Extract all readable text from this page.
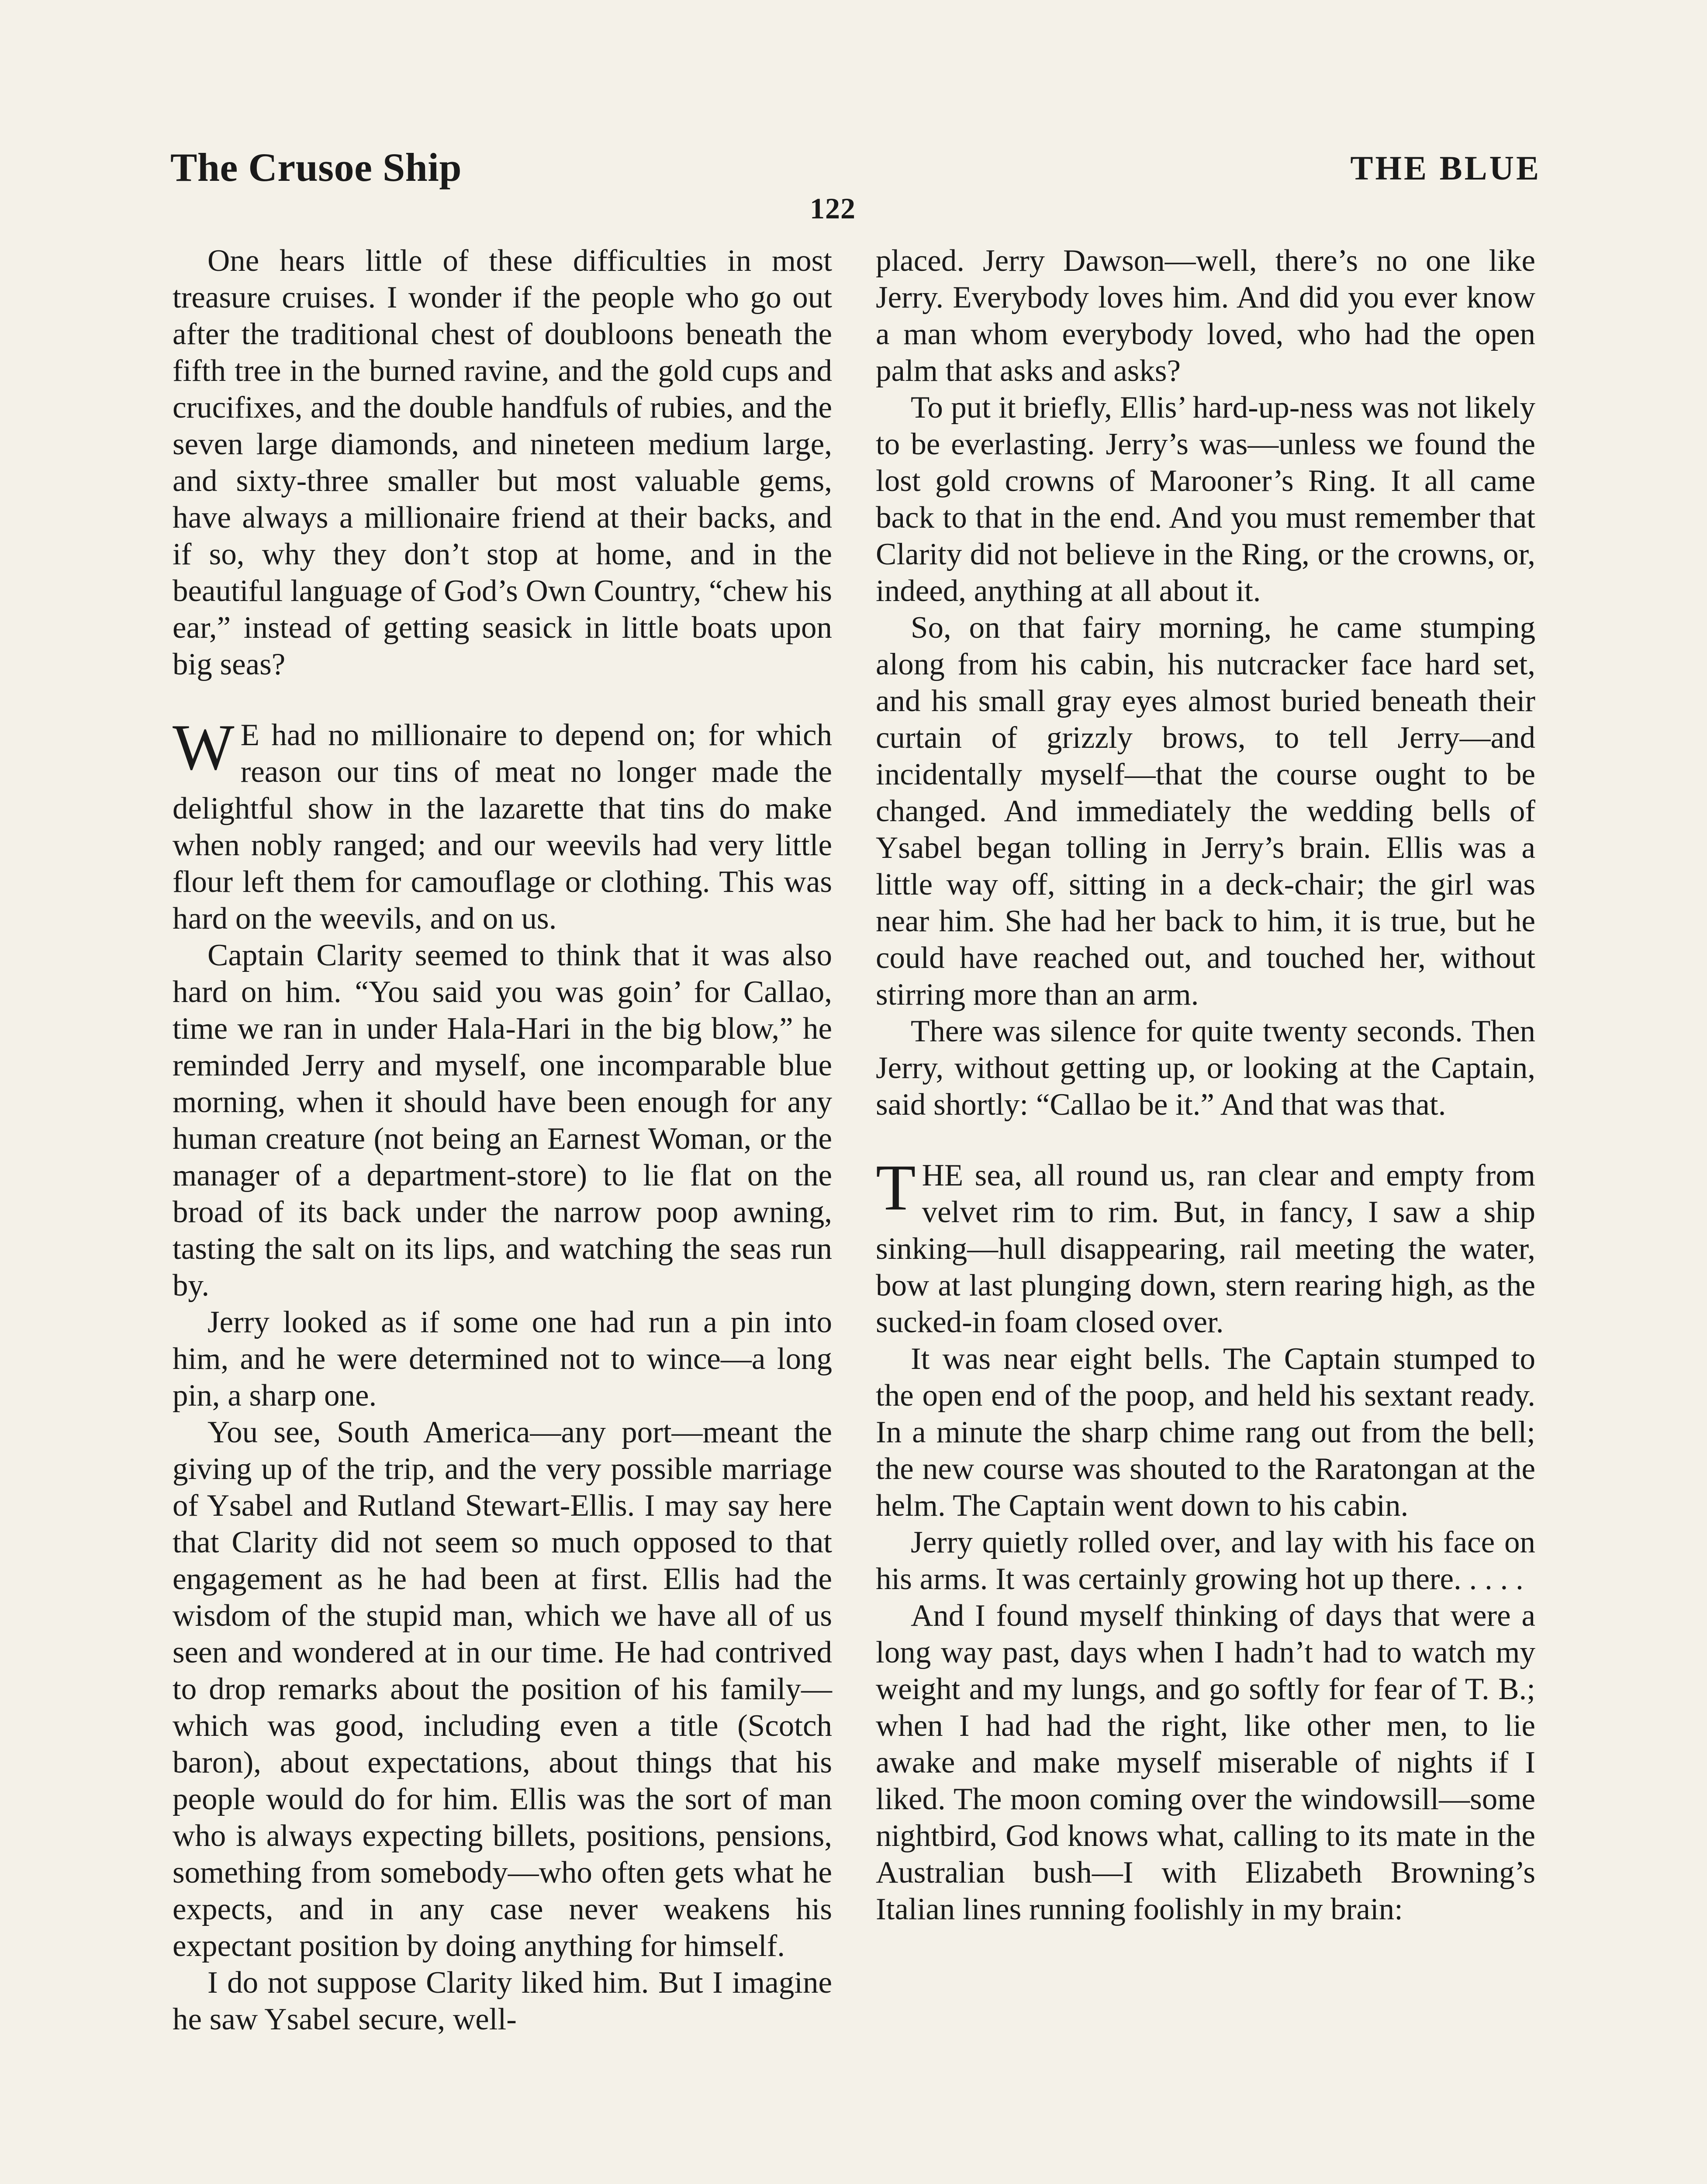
The Crusoe Ship	THE BLUE
122

One hears little of these difficulties in most treasure cruises. I wonder if the people who go out after the traditional chest of doubloons beneath the fifth tree in the burned ravine, and the gold cups and crucifixes, and the double handfuls of rubies, and the seven large diamonds, and nineteen medium large, and sixty-three smaller but most valuable gems, have always a millionaire friend at their backs, and if so, why they don’t stop at home, and in the beautiful language of God’s Own Country, “chew his ear,” instead of getting seasick in little boats upon big seas?

W E had no millionaire to depend on; for which reason our tins of meat no longer made the delightful show in the lazarette that tins do make when nobly ranged; and our weevils had very little flour left them for camouflage or clothing. This was hard on the weevils, and on us.

Captain Clarity seemed to think that it was also hard on him. “You said you was goin’ for Callao, time we ran in under Hala-Hari in the big blow,” he reminded Jerry and myself, one incomparable blue morning, when it should have been enough for any human creature (not being an Earnest Woman, or the manager of a department-store) to lie flat on the broad of its back under the narrow poop awning, tasting the salt on its lips, and watching the seas run by.

Jerry looked as if some one had run a pin into him, and he were determined not to wince—a long pin, a sharp one.

You see, South America—any port—meant the giving up of the trip, and the very possible marriage of Ysabel and Rutland Stewart-Ellis. I may say here that Clarity did not seem so much opposed to that engagement as he had been at first. Ellis had the wisdom of the stupid man, which we have all of us seen and wondered at in our time. He had contrived to drop remarks about the position of his family—which was good, including even a title (Scotch baron), about expectations, about things that his people would do for him. Ellis was the sort of man who is always expecting billets, positions, pensions, something from somebody—who often gets what he expects, and in any case never weakens his expectant position by doing anything for himself.

I do not suppose Clarity liked him. But I imagine he saw Ysabel secure, well-

placed. Jerry Dawson—well, there’s no one like Jerry. Everybody loves him. And did you ever know a man whom everybody loved, who had the open palm that asks and asks?

To put it briefly, Ellis’ hard-up-ness was not likely to be everlasting. Jerry’s was—unless we found the lost gold crowns of Marooner’s Ring. It all came back to that in the end. And you must remember that Clarity did not believe in the Ring, or the crowns, or, indeed, anything at all about it.

So, on that fairy morning, he came stumping along from his cabin, his nutcracker face hard set, and his small gray eyes almost buried beneath their curtain of grizzly brows, to tell Jerry—and incidentally myself—that the course ought to be changed. And immediately the wedding bells of Ysabel began tolling in Jerry’s brain. Ellis was a little way off, sitting in a deck-chair; the girl was near him. She had her back to him, it is true, but he could have reached out, and touched her, without stirring more than an arm.

There was silence for quite twenty seconds. Then Jerry, without getting up, or looking at the Captain, said shortly: “Callao be it.” And that was that.

T HE sea, all round us, ran clear and empty from velvet rim to rim. But, in fancy, I saw a ship sinking—hull disappearing, rail meeting the water, bow at last plunging down, stern rearing high, as the sucked-in foam closed over.

It was near eight bells. The Captain stumped to the open end of the poop, and held his sextant ready. In a minute the sharp chime rang out from the bell; the new course was shouted to the Raratongan at the helm. The Captain went down to his cabin.

Jerry quietly rolled over, and lay with his face on his arms. It was certainly growing hot up there. . . . .

And I found myself thinking of days that were a long way past, days when I hadn’t had to watch my weight and my lungs, and go softly for fear of T. B.; when I had had the right, like other men, to lie awake and make myself miserable of nights if I liked. The moon coming over the windowsill—some nightbird, God knows what, calling to its mate in the Australian bush—I with Elizabeth Browning’s Italian lines running foolishly in my brain:
